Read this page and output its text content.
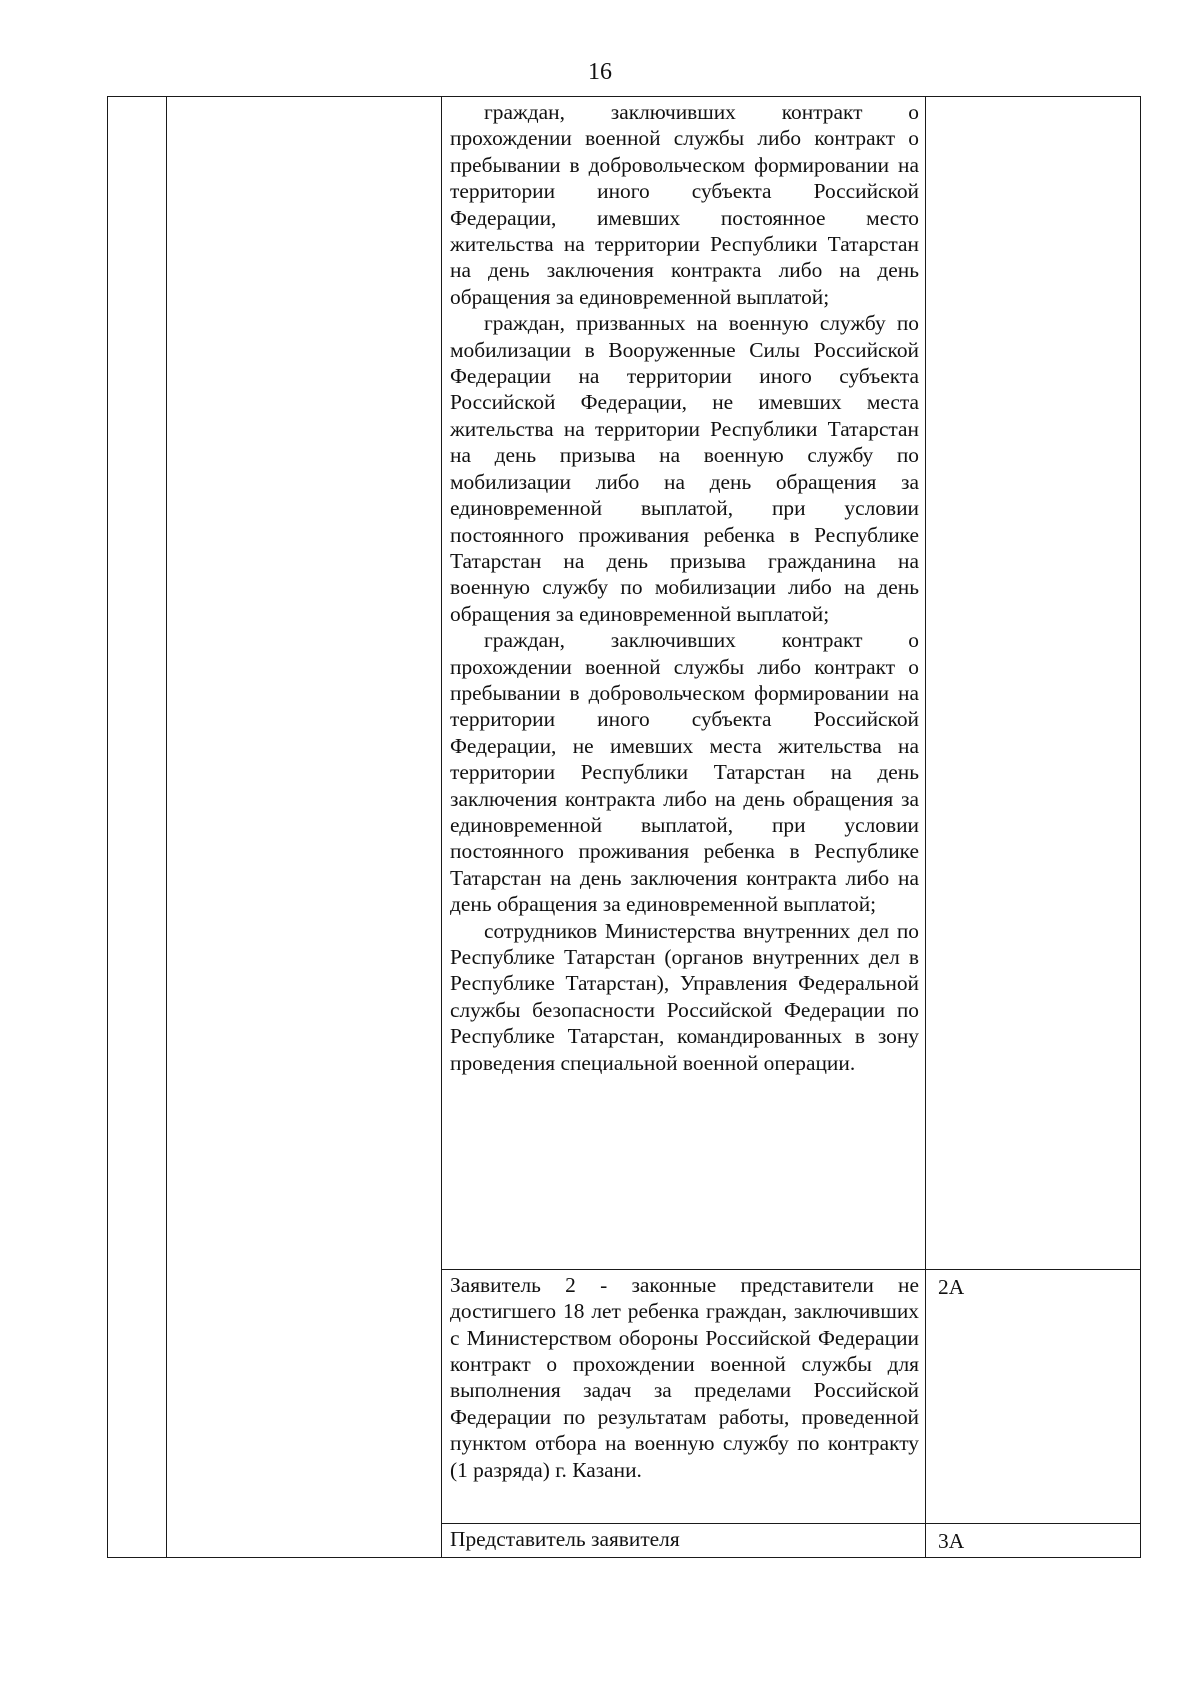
16

		граждан, заключивших контракт о прохождении военной службы либо контракт о пребывании в добровольческом формировании на территории иного субъекта Российской Федерации, имевших постоянное место жительства на территории Республики Татарстан на день заключения контракта либо на день обращения за единовременной выплатой;

граждан, призванных на военную службу по мобилизации в Вооруженные Силы Российской Федерации на территории иного субъекта Российской Федерации, не имевших места жительства на территории Республики Татарстан на день призыва на военную службу по мобилизации либо на день обращения за единовременной выплатой, при условии постоянного проживания ребенка в Республике Татарстан на день призыва гражданина на военную службу по мобилизации либо на день обращения за единовременной выплатой;

граждан, заключивших контракт о прохождении военной службы либо контракт о пребывании в добровольческом формировании на территории иного субъекта Российской Федерации, не имевших места жительства на территории Республики Татарстан на день заключения контракта либо на день обращения за единовременной выплатой, при условии постоянного проживания ребенка в Республике Татарстан на день заключения контракта либо на день обращения за единовременной выплатой;

сотрудников Министерства внутренних дел по Республике Татарстан (органов внутренних дел в Республике Татарстан), Управления Федеральной службы безопасности Российской Федерации по Республике Татарстан, командированных в зону проведения специальной военной операции.	

		Заявитель 2 - законные представители не достигшего 18 лет ребенка граждан, заключивших с Министерством обороны Российской Федерации контракт о прохождении военной службы для выполнения задач за пределами Российской Федерации по результатам работы, проведенной пунктом отбора на военную службу по контракту (1 разряда) г. Казани.	2А

		Представитель заявителя	3А
